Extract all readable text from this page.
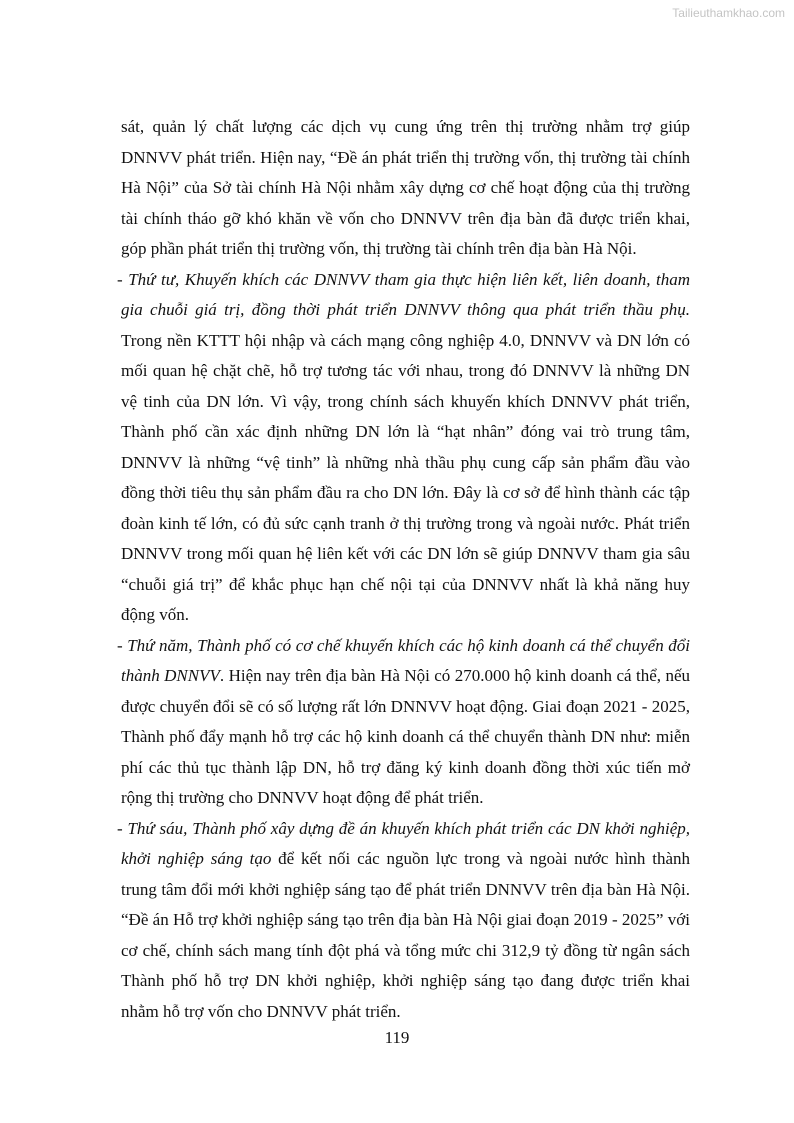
Tailieuthamkhao.com

sát, quản lý chất lượng các dịch vụ cung ứng trên thị trường nhằm trợ giúp DNNVV phát triển. Hiện nay, “Đề án phát triển thị trường vốn, thị trường tài chính Hà Nội” của Sở tài chính Hà Nội nhằm xây dựng cơ chế hoạt động của thị trường tài chính tháo gỡ khó khăn về vốn cho DNNVV trên địa bàn đã được triển khai, góp phần phát triển thị trường vốn, thị trường tài chính trên địa bàn Hà Nội.

- Thứ tư, Khuyến khích các DNNVV tham gia thực hiện liên kết, liên doanh, tham gia chuỗi giá trị, đồng thời phát triển DNNVV thông qua phát triển thầu phụ. Trong nền KTTT hội nhập và cách mạng công nghiệp 4.0, DNNVV và DN lớn có mối quan hệ chặt chẽ, hỗ trợ tương tác với nhau, trong đó DNNVV là những DN vệ tinh của DN lớn. Vì vậy, trong chính sách khuyến khích DNNVV phát triển, Thành phố cần xác định những DN lớn là “hạt nhân” đóng vai trò trung tâm, DNNVV là những “vệ tinh” là những nhà thầu phụ cung cấp sản phẩm đầu vào đồng thời tiêu thụ sản phẩm đầu ra cho DN lớn. Đây là cơ sở để hình thành các tập đoàn kinh tế lớn, có đủ sức cạnh tranh ở thị trường trong và ngoài nước. Phát triển DNNVV trong mối quan hệ liên kết với các DN lớn sẽ giúp DNNVV tham gia sâu “chuỗi giá trị” để khắc phục hạn chế nội tại của DNNVV nhất là khả năng huy động vốn.

- Thứ năm, Thành phố có cơ chế khuyến khích các hộ kinh doanh cá thể chuyển đổi thành DNNVV. Hiện nay trên địa bàn Hà Nội có 270.000 hộ kinh doanh cá thể, nếu được chuyển đổi sẽ có số lượng rất lớn DNNVV hoạt động. Giai đoạn 2021 - 2025, Thành phố đẩy mạnh hỗ trợ các hộ kinh doanh cá thể chuyển thành DN như: miễn phí các thủ tục thành lập DN, hỗ trợ đăng ký kinh doanh đồng thời xúc tiến mở rộng thị trường cho DNNVV hoạt động để phát triển.

- Thứ sáu, Thành phố xây dựng đề án khuyến khích phát triển các DN khởi nghiệp, khởi nghiệp sáng tạo để kết nối các nguồn lực trong và ngoài nước hình thành trung tâm đổi mới khởi nghiệp sáng tạo để phát triển DNNVV trên địa bàn Hà Nội. “Đề án Hỗ trợ khởi nghiệp sáng tạo trên địa bàn Hà Nội giai đoạn 2019 - 2025” với cơ chế, chính sách mang tính đột phá và tổng mức chi 312,9 tỷ đồng từ ngân sách Thành phố hỗ trợ DN khởi nghiệp, khởi nghiệp sáng tạo đang được triển khai nhằm hỗ trợ vốn cho DNNVV phát triển.

119
